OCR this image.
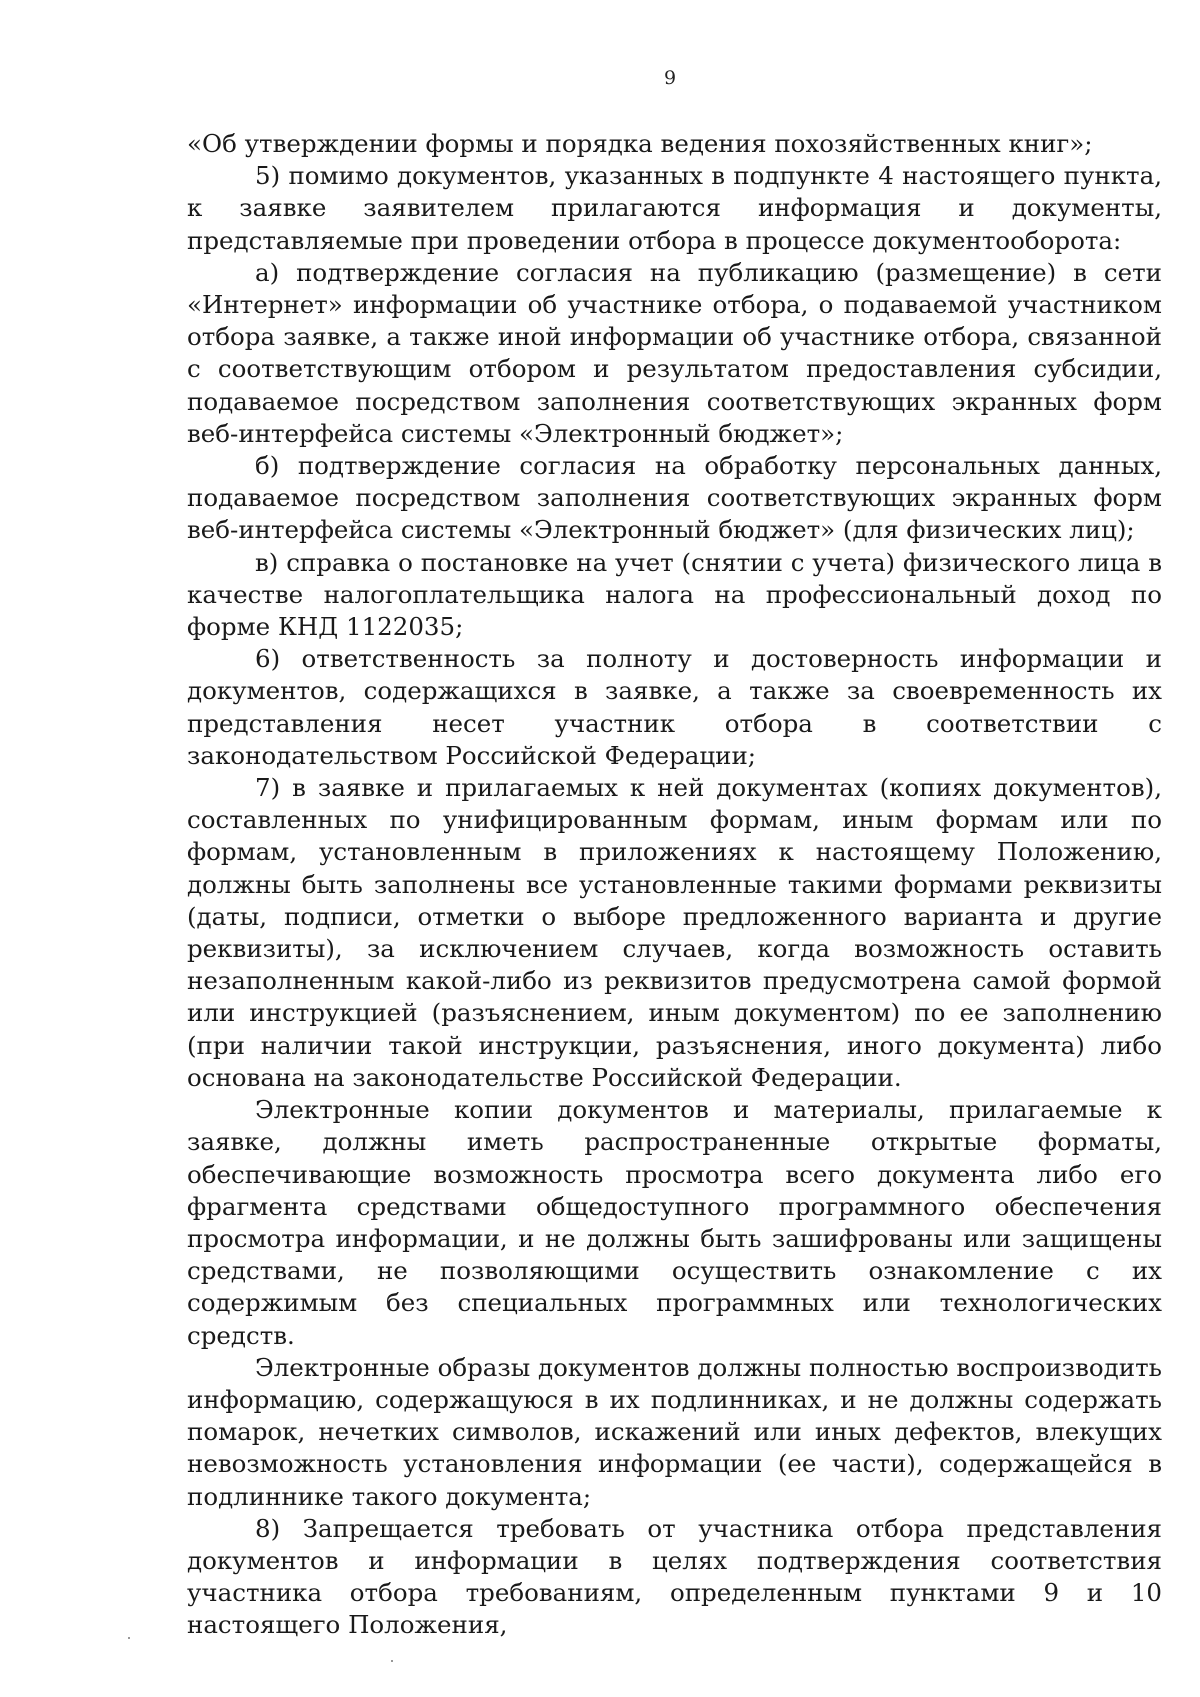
9

«Об утверждении формы и порядка ведения похозяйственных книг»;

5) помимо документов, указанных в подпункте 4 настоящего пункта, к заявке заявителем прилагаются информация и документы, представляемые при проведении отбора в процессе документооборота:

а) подтверждение согласия на публикацию (размещение) в сети «Интернет» информации об участнике отбора, о подаваемой участником отбора заявке, а также иной информации об участнике отбора, связанной с соответствующим отбором и результатом предоставления субсидии, подаваемое посредством заполнения соответствующих экранных форм веб-интерфейса системы «Электронный бюджет»;

б) подтверждение согласия на обработку персональных данных, подаваемое посредством заполнения соответствующих экранных форм веб-интерфейса системы «Электронный бюджет» (для физических лиц);

в) справка о постановке на учет (снятии с учета) физического лица в качестве налогоплательщика налога на профессиональный доход по форме КНД 1122035;

6) ответственность за полноту и достоверность информации и документов, содержащихся в заявке, а также за своевременность их представления несет участник отбора в соответствии с законодательством Российской Федерации;

7) в заявке и прилагаемых к ней документах (копиях документов), составленных по унифицированным формам, иным формам или по формам, установленным в приложениях к настоящему Положению, должны быть заполнены все установленные такими формами реквизиты (даты, подписи, отметки о выборе предложенного варианта и другие реквизиты), за исключением случаев, когда возможность оставить незаполненным какой-либо из реквизитов предусмотрена самой формой или инструкцией (разъяснением, иным документом) по ее заполнению (при наличии такой инструкции, разъяснения, иного документа) либо основана на законодательстве Российской Федерации.

Электронные копии документов и материалы, прилагаемые к заявке, должны иметь распространенные открытые форматы, обеспечивающие возможность просмотра всего документа либо его фрагмента средствами общедоступного программного обеспечения просмотра информации, и не должны быть зашифрованы или защищены средствами, не позволяющими осуществить ознакомление с их содержимым без специальных программных или технологических средств.

Электронные образы документов должны полностью воспроизводить информацию, содержащуюся в их подлинниках, и не должны содержать помарок, нечетких символов, искажений или иных дефектов, влекущих невозможность установления информации (ее части), содержащейся в подлиннике такого документа;

8) Запрещается требовать от участника отбора представления документов и информации в целях подтверждения соответствия участника отбора требованиям, определенным пунктами 9 и 10 настоящего Положения,
